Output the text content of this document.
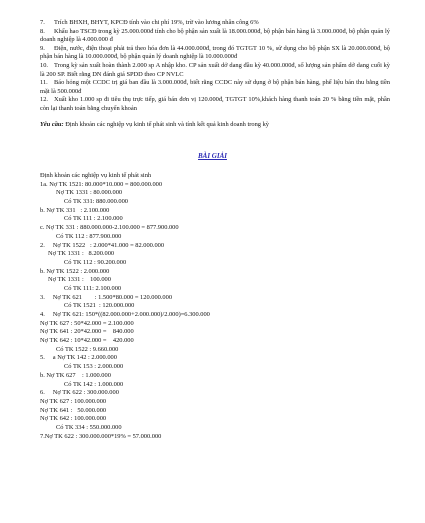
7. Trích BHXH, BHYT, KPCĐ tính vào chi phí 19%, trừ vào lương nhân công 6%

8. Khấu hao TSCĐ trong kỳ 25.000.000đ tính cho bộ phận sản xuất là 18.000.000đ, bộ phận bán hàng là 3.000.000đ, bộ phận quản lý doanh nghiệp là 4.000.000 đ

9. Điện, nước, điện thoại phải trả theo hóa đơn là 44.000.000đ, trong đó TGTGT 10 %, sử dụng cho bộ phận SX là 20.000.000đ, bộ phận bán hàng là 10.000.000đ, bộ phận quản lý doanh nghiệp là 10.000.000đ

10. Trong kỳ sản xuất hoàn thành 2.000 sp A nhập kho. CP sản xuất dở dang đầu kỳ 40.000.000đ, số lượng sản phẩm dở dang cuối kỳ là 200 SP. Biết rằng DN đánh giá SPDD theo CP NVLC

11. Báo hỏng một CCDC trị giá ban đầu là 3.000.000đ, biết rằng CCDC này sử dụng ở bộ phận bán hàng, phế liệu bán thu bằng tiền mặt là 500.000đ

12. Xuất kho 1.000 sp đi tiêu thụ trực tiếp, giá bán đơn vị 120.000đ, TGTGT 10%,khách hàng thanh toán 20 % bằng tiền mặt, phần còn lại thanh toán bằng chuyển khoản

Yêu cầu: Định khoản các nghiệp vụ kinh tế phát sinh và tính kết quả kinh doanh trong kỳ

BÀI GIẢI
Định khoản các nghiệp vụ kinh tế phát sinh
1a. Nợ TK 1521: 80.000*10.000 = 800.000.000
Nợ TK 1331 : 80.000.000
Có TK 331: 880.000.000
b. Nợ TK 331   : 2.100.000
Có TK 111 : 2.100.000
c. Nợ TK 331 : 880.000.000-2.100.000 = 877.900.000
Có TK 112 : 877.900.000
2.     Nợ TK 1522   : 2.000*41.000 = 82.000.000
Nợ TK 1331 :   8.200.000
Có TK 112 : 90.200.000
b. Nợ TK 1522 : 2.000.000
Nợ TK 1331 :    100.000
Có TK 111: 2.100.000
3.     Nợ TK 621        : 1.500*80.000 = 120.000.000
Có TK 1521  : 120.000.000
4.     Nợ TK 621: 150*((82.000.000+2.000.000)/2.000)=6.300.000
Nợ TK 627 : 50*42.000 = 2.100.000
Nợ TK 641 : 20*42.000 =    840.000
Nợ TK 642 : 10*42.000 =    420.000
Có TK 1522 : 9.660.000
5.     a Nợ TK 142 : 2.000.000
Có TK 153 : 2.000.000
b. Nợ TK 627    : 1.000.000
Có TK 142 : 1.000.000
6.     Nợ TK 622 : 300.000.000
Nợ TK 627 : 100.000.000
Nợ TK 641 :   50.000.000
Nợ TK 642 : 100.000.000
Có TK 334 : 550.000.000
7.Nợ TK 622 : 300.000.000*19% = 57.000.000
